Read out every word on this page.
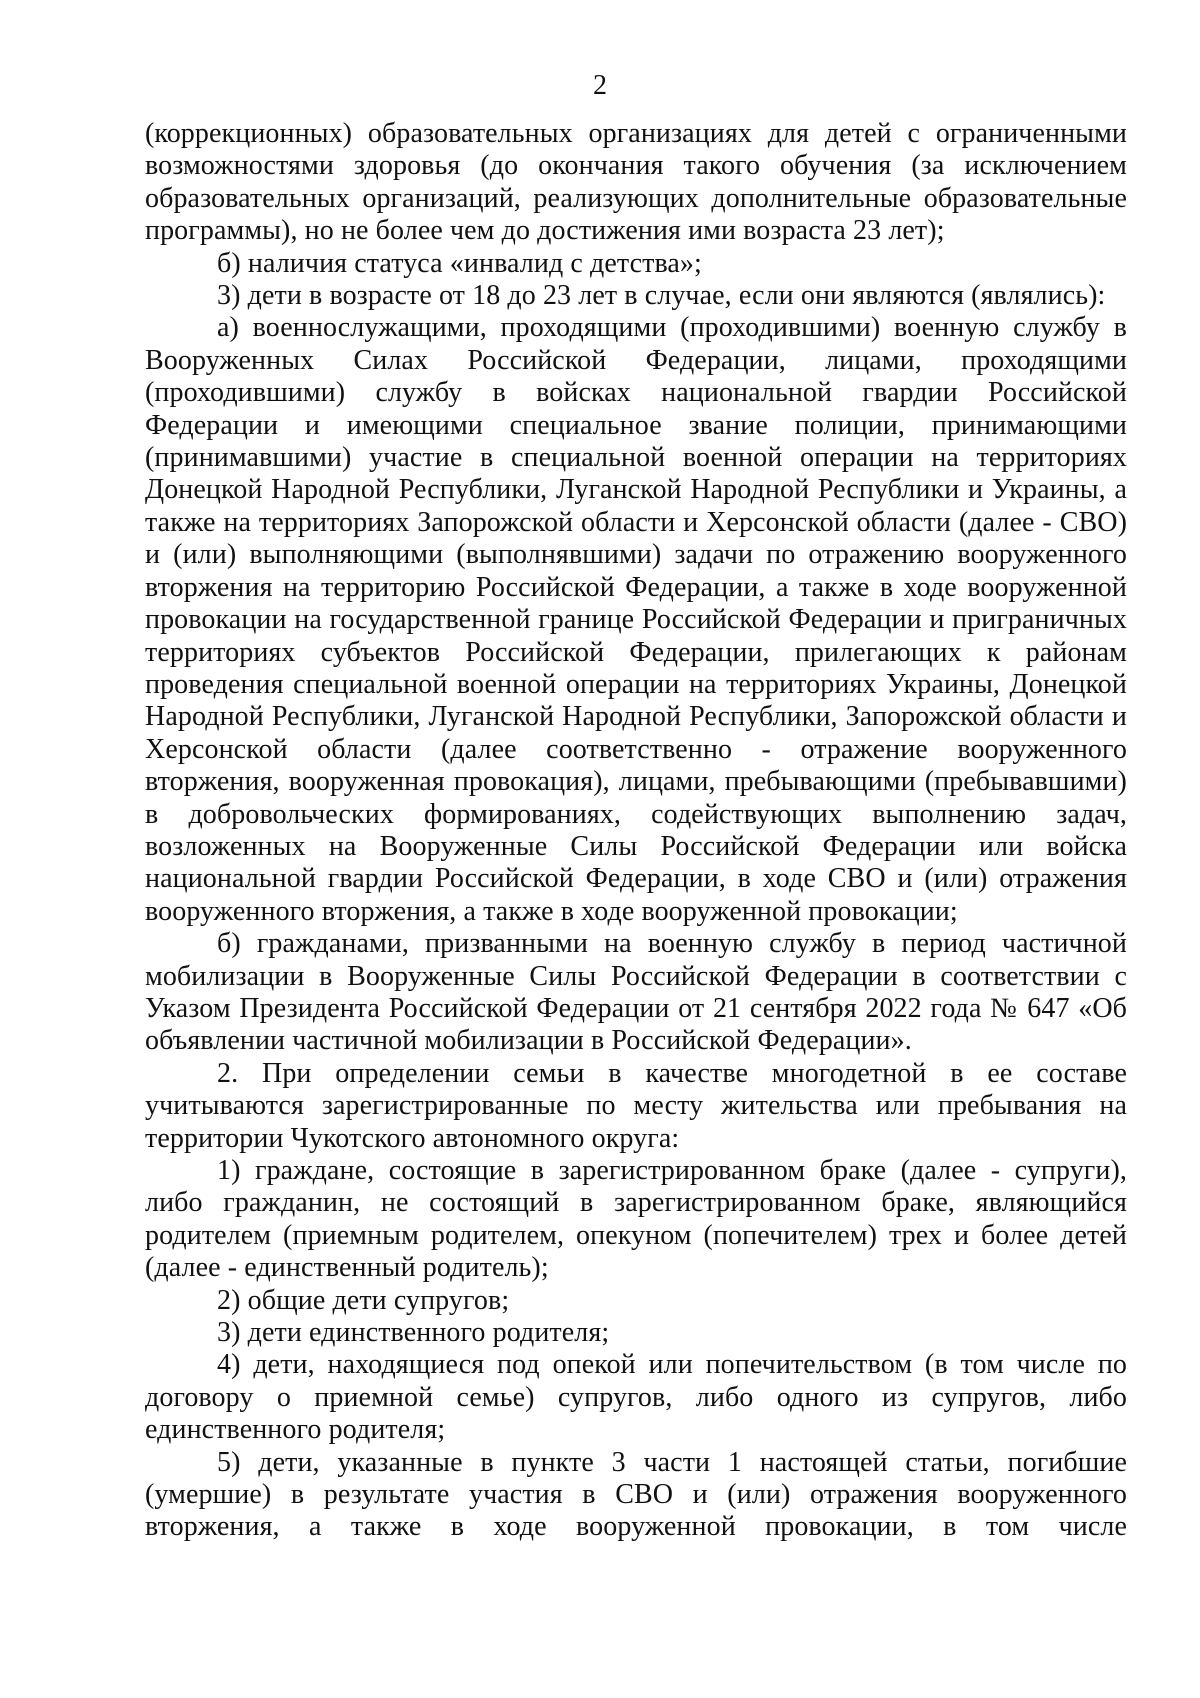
2

(коррекционных) образовательных организациях для детей с ограниченными возможностями здоровья (до окончания такого обучения (за исключением образовательных организаций, реализующих дополнительные образовательные программы), но не более чем до достижения ими возраста 23 лет);

б) наличия статуса «инвалид с детства»;

3) дети в возрасте от 18 до 23 лет в случае, если они являются (являлись):

а) военнослужащими, проходящими (проходившими) военную службу в Вооруженных Силах Российской Федерации, лицами, проходящими (проходившими) службу в войсках национальной гвардии Российской Федерации и имеющими специальное звание полиции, принимающими (принимавшими) участие в специальной военной операции на территориях Донецкой Народной Республики, Луганской Народной Республики и Украины, а также на территориях Запорожской области и Херсонской области (далее - СВО) и (или) выполняющими (выполнявшими) задачи по отражению вооруженного вторжения на территорию Российской Федерации, а также в ходе вооруженной провокации на государственной границе Российской Федерации и приграничных территориях субъектов Российской Федерации, прилегающих к районам проведения специальной военной операции на территориях Украины, Донецкой Народной Республики, Луганской Народной Республики, Запорожской области и Херсонской области (далее соответственно - отражение вооруженного вторжения, вооруженная провокация), лицами, пребывающими (пребывавшими) в добровольческих формированиях, содействующих выполнению задач, возложенных на Вооруженные Силы Российской Федерации или войска национальной гвардии Российской Федерации, в ходе СВО и (или) отражения вооруженного вторжения, а также в ходе вооруженной провокации;

б) гражданами, призванными на военную службу в период частичной мобилизации в Вооруженные Силы Российской Федерации в соответствии с Указом Президента Российской Федерации от 21 сентября 2022 года № 647 «Об объявлении частичной мобилизации в Российской Федерации».

2. При определении семьи в качестве многодетной в ее составе учитываются зарегистрированные по месту жительства или пребывания на территории Чукотского автономного округа:

1) граждане, состоящие в зарегистрированном браке (далее - супруги), либо гражданин, не состоящий в зарегистрированном браке, являющийся родителем (приемным родителем, опекуном (попечителем) трех и более детей (далее - единственный родитель);

2) общие дети супругов;

3) дети единственного родителя;

4) дети, находящиеся под опекой или попечительством (в том числе по договору о приемной семье) супругов, либо одного из супругов, либо единственного родителя;

5) дети, указанные в пункте 3 части 1 настоящей статьи, погибшие (умершие) в результате участия в СВО и (или) отражения вооруженного вторжения, а также в ходе вооруженной провокации, в том числе
